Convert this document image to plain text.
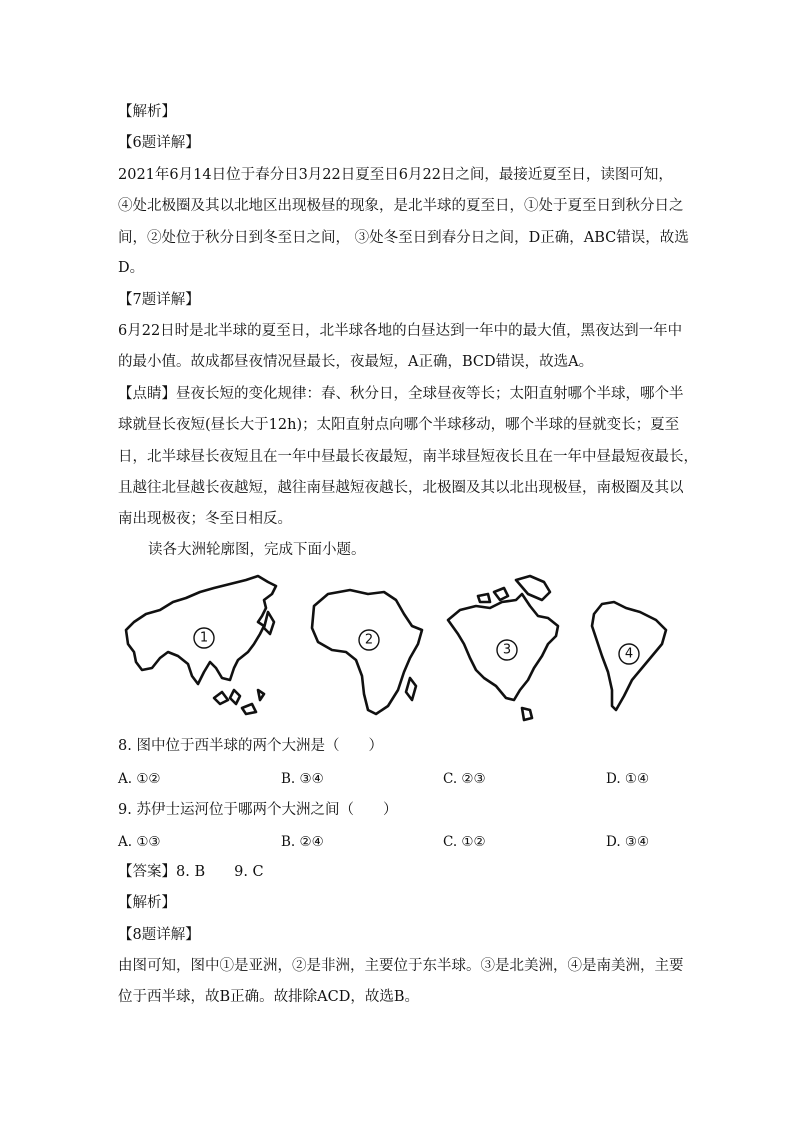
【解析】
【6题详解】
2021年6月14日位于春分日3月22日夏至日6月22日之间，最接近夏至日，读图可知，
④处北极圈及其以北地区出现极昼的现象，是北半球的夏至日，①处于夏至日到秋分日之
间，②处位于秋分日到冬至日之间， ③处冬至日到春分日之间，D正确，ABC错误，故选
D。
【7题详解】
6月22日时是北半球的夏至日，北半球各地的白昼达到一年中的最大值，黑夜达到一年中
的最小值。故成都昼夜情况昼最长，夜最短，A正确，BCD错误，故选A。
【点睛】昼夜长短的变化规律：春、秋分日，全球昼夜等长；太阳直射哪个半球，哪个半
球就昼长夜短(昼长大于12h)；太阳直射点向哪个半球移动，哪个半球的昼就变长；夏至
日，北半球昼长夜短且在一年中昼最长夜最短，南半球昼短夜长且在一年中昼最短夜最长，
且越往北昼越长夜越短，越往南昼越短夜越长，北极圈及其以北出现极昼，南极圈及其以
南出现极夜；冬至日相反。
读各大洲轮廓图，完成下面小题。
1	2
3	4
8. 图中位于西半球的两个大洲是（　　）
A. ①②	B. ③④	C. ②③	D. ①④
9. 苏伊士运河位于哪两个大洲之间（　　）
A. ①③	B. ②④	C. ①②	D. ③④
【答案】8. B　　9. C
【解析】
【8题详解】
由图可知，图中①是亚洲，②是非洲，主要位于东半球。③是北美洲，④是南美洲，主要
位于西半球，故B正确。故排除ACD，故选B。
